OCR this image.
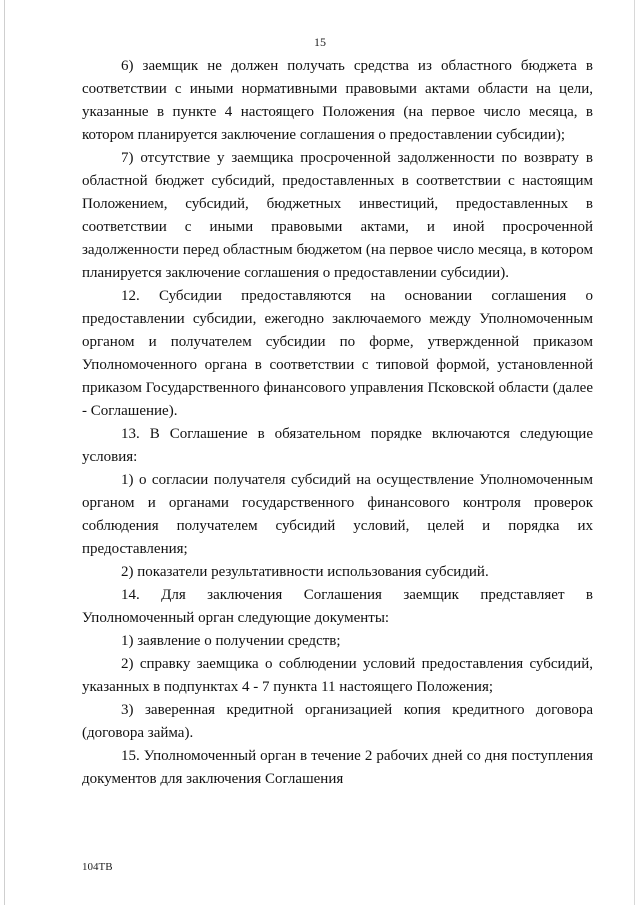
15

6) заемщик не должен получать средства из областного бюджета в соответствии с иными нормативными правовыми актами области на цели, указанные в пункте 4 настоящего Положения (на первое число месяца, в котором планируется заключение соглашения о предоставлении субсидии);

7) отсутствие у заемщика просроченной задолженности по возврату в областной бюджет субсидий, предоставленных в соответствии с настоящим Положением, субсидий, бюджетных инвестиций, предоставленных в соответствии с иными правовыми актами, и иной просроченной задолженности перед областным бюджетом (на первое число месяца, в котором планируется заключение соглашения о предоставлении субсидии).

12. Субсидии предоставляются на основании соглашения о предоставлении субсидии, ежегодно заключаемого между Уполномоченным органом и получателем субсидии по форме, утвержденной приказом Уполномоченного органа в соответствии с типовой формой, установленной приказом Государственного финансового управления Псковской области (далее - Соглашение).

13. В Соглашение в обязательном порядке включаются следующие условия:

1) о согласии получателя субсидий на осуществление Уполномоченным органом и органами государственного финансового контроля проверок соблюдения получателем субсидий условий, целей и порядка их предоставления;

2) показатели результативности использования субсидий.

14. Для заключения Соглашения заемщик представляет в Уполномоченный орган следующие документы:

1) заявление о получении средств;

2) справку заемщика о соблюдении условий предоставления субсидий, указанных в подпунктах 4 - 7 пункта 11 настоящего Положения;

3) заверенная кредитной организацией копия кредитного договора (договора займа).

15. Уполномоченный орган в течение 2 рабочих дней со дня поступления документов для заключения Соглашения

104ТВ
